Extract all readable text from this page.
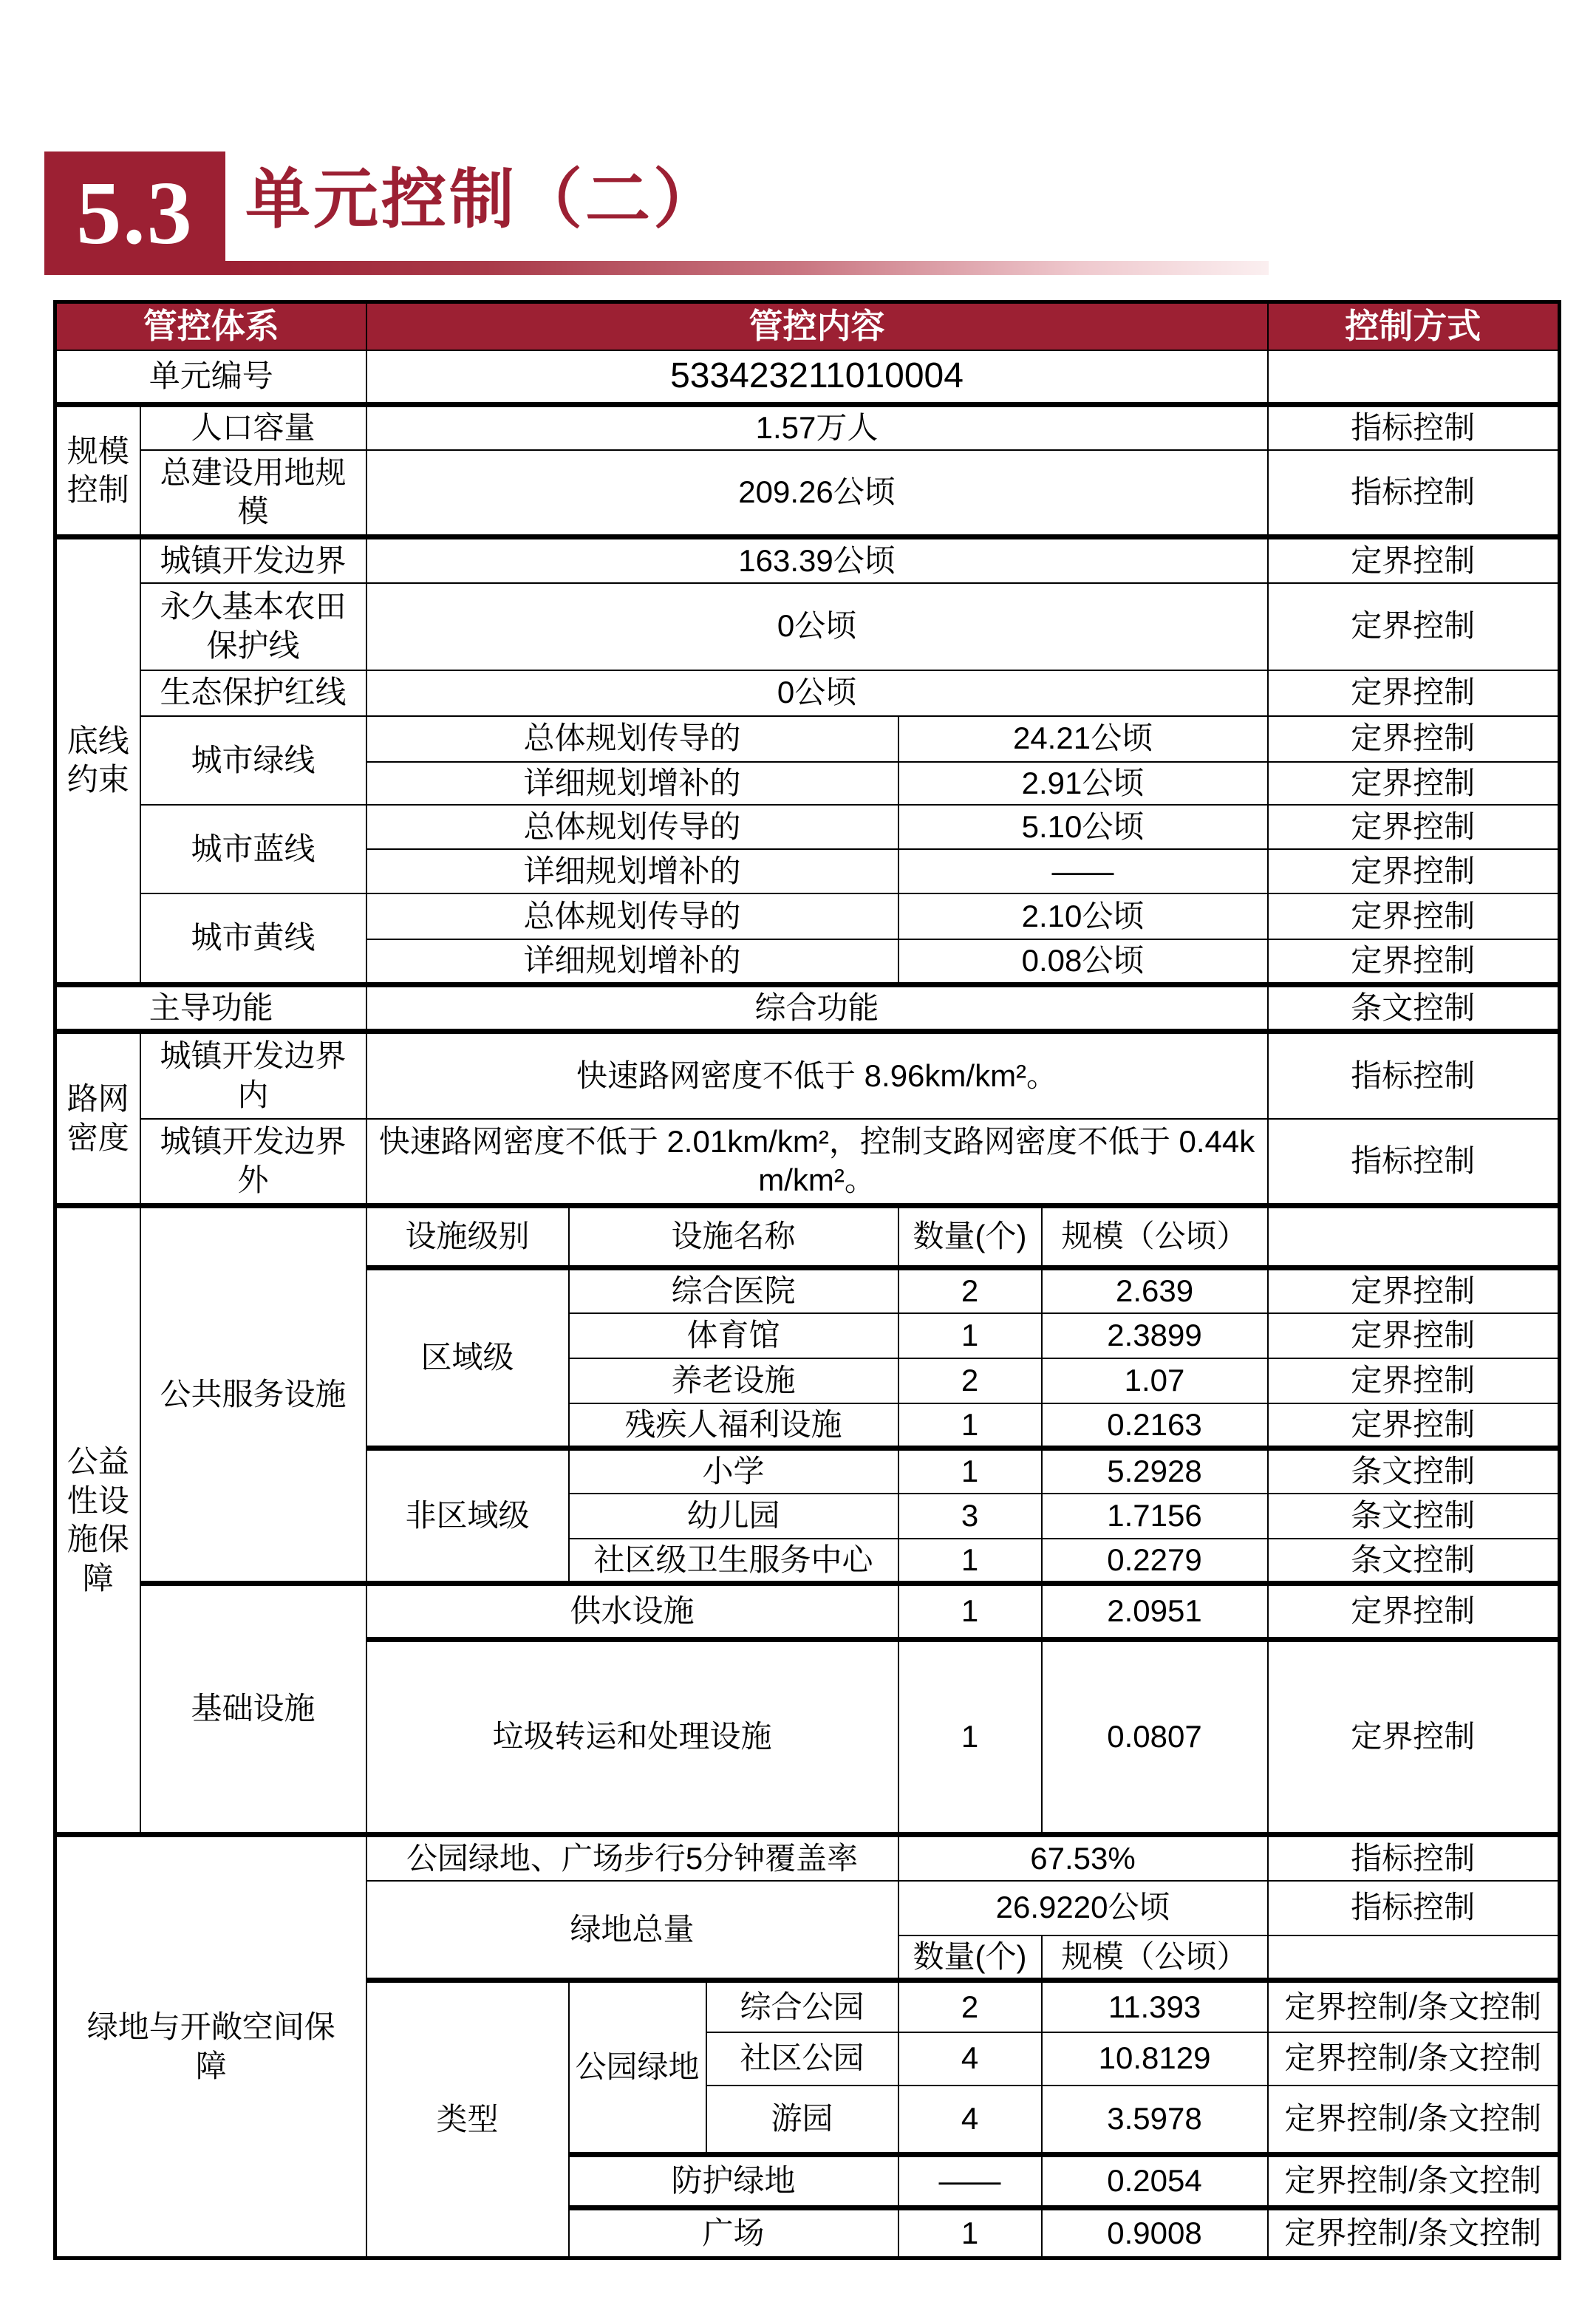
5.3 单元控制（二）
管控体系		管控内容					控制方式
单元编号		533423211010004					
规模控制	人口容量	1.57万人					指标控制
	总建设用地规模	209.26公顷					指标控制
底线约束	城镇开发边界	163.39公顷					定界控制
	永久基本农田保护线	0公顷					定界控制
	生态保护红线	0公顷					定界控制
	城市绿线	总体规划传导的			24.21公顷		定界控制
		详细规划增补的			2.91公顷		定界控制
	城市蓝线	总体规划传导的			5.10公顷		定界控制
		详细规划增补的			——		定界控制
	城市黄线	总体规划传导的			2.10公顷		定界控制
		详细规划增补的			0.08公顷		定界控制
主导功能		综合功能					条文控制
路网密度	城镇开发边界内	快速路网密度不低于 8.96km/km²。					指标控制
	城镇开发边界外	快速路网密度不低于 2.01km/km²，控制支路网密度不低于 0.44km/km²。					指标控制
公益性设施保障	公共服务设施	设施级别	设施名称		数量(个)	规模（公顷）	
		区域级	综合医院		2	2.639	定界控制
			体育馆		1	2.3899	定界控制
			养老设施		2	1.07	定界控制
			残疾人福利设施		1	0.2163	定界控制
		非区域级	小学		1	5.2928	条文控制
			幼儿园		3	1.7156	条文控制
			社区级卫生服务中心		1	0.2279	条文控制
	基础设施	供水设施			1	2.0951	定界控制
		垃圾转运和处理设施			1	0.0807	定界控制
绿地与开敞空间保障		公园绿地、广场步行5分钟覆盖率			67.53%		指标控制
		绿地总量			26.9220公顷		指标控制
					数量(个)	规模（公顷）	
		类型	公园绿地	综合公园	2	11.393	定界控制/条文控制
				社区公园	4	10.8129	定界控制/条文控制
				游园	4	3.5978	定界控制/条文控制
			防护绿地		——	0.2054	定界控制/条文控制
			广场		1	0.9008	定界控制/条文控制
